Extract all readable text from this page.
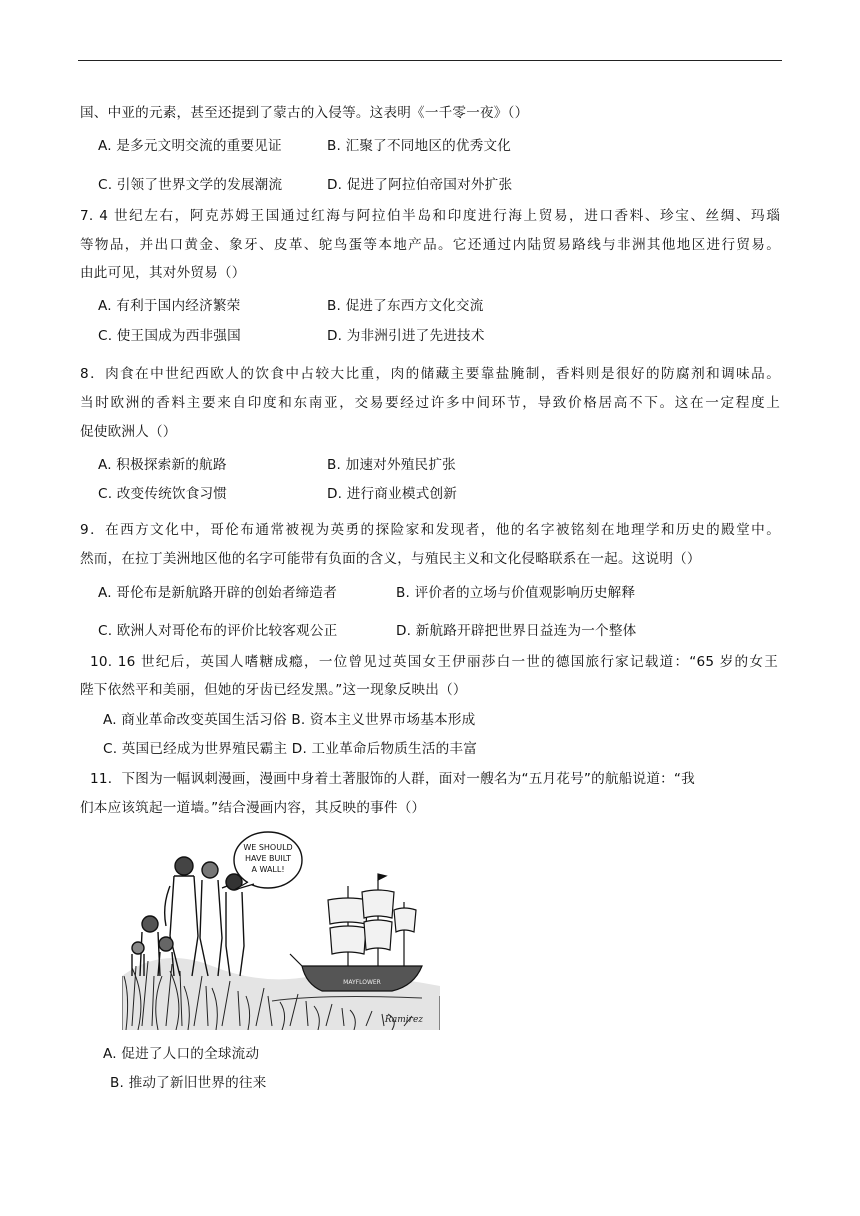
国、中亚的元素，甚至还提到了蒙古的入侵等。这表明《一千零一夜》（）
A. 是多元文明交流的重要见证	B. 汇聚了不同地区的优秀文化
C. 引领了世界文学的发展潮流	D. 促进了阿拉伯帝国对外扩张
7. 4 世纪左右，阿克苏姆王国通过红海与阿拉伯半岛和印度进行海上贸易，进口香料、珍宝、丝绸、玛瑙
等物品，并出口黄金、象牙、皮革、鸵鸟蛋等本地产品。它还通过内陆贸易路线与非洲其他地区进行贸易。
由此可见，其对外贸易（）
A. 有利于国内经济繁荣	B. 促进了东西方文化交流
C. 使王国成为西非强国	D. 为非洲引进了先进技术
8．肉食在中世纪西欧人的饮食中占较大比重，肉的储藏主要靠盐腌制，香料则是很好的防腐剂和调味品。
当时欧洲的香料主要来自印度和东南亚，交易要经过许多中间环节，导致价格居高不下。这在一定程度上
促使欧洲人（）
A. 积极探索新的航路	B. 加速对外殖民扩张
C. 改变传统饮食习惯	D. 进行商业模式创新
9．在西方文化中，哥伦布通常被视为英勇的探险家和发现者，他的名字被铭刻在地理学和历史的殿堂中。
然而，在拉丁美洲地区他的名字可能带有负面的含义，与殖民主义和文化侵略联系在一起。这说明（）
A. 哥伦布是新航路开辟的创始者缔造者	B. 评价者的立场与价值观影响历史解释
C. 欧洲人对哥伦布的评价比较客观公正	D. 新航路开辟把世界日益连为一个整体
10. 16 世纪后，英国人嗜糖成瘾，一位曾见过英国女王伊丽莎白一世的德国旅行家记载道：“65 岁的女王
陛下依然平和美丽，但她的牙齿已经发黑。”这一现象反映出（）
A. 商业革命改变英国生活习俗 B. 资本主义世界市场基本形成
C. 英国已经成为世界殖民霸主 D. 工业革命后物质生活的丰富
11．下图为一幅讽刺漫画，漫画中身着土著服饰的人群，面对一艘名为“五月花号”的航船说道：“我
们本应该筑起一道墙。”结合漫画内容，其反映的事件（）
WE SHOULD
HAVE BUILT
A WALL!
MAYFLOWER
Ramirez
A. 促进了人口的全球流动
B. 推动了新旧世界的往来
